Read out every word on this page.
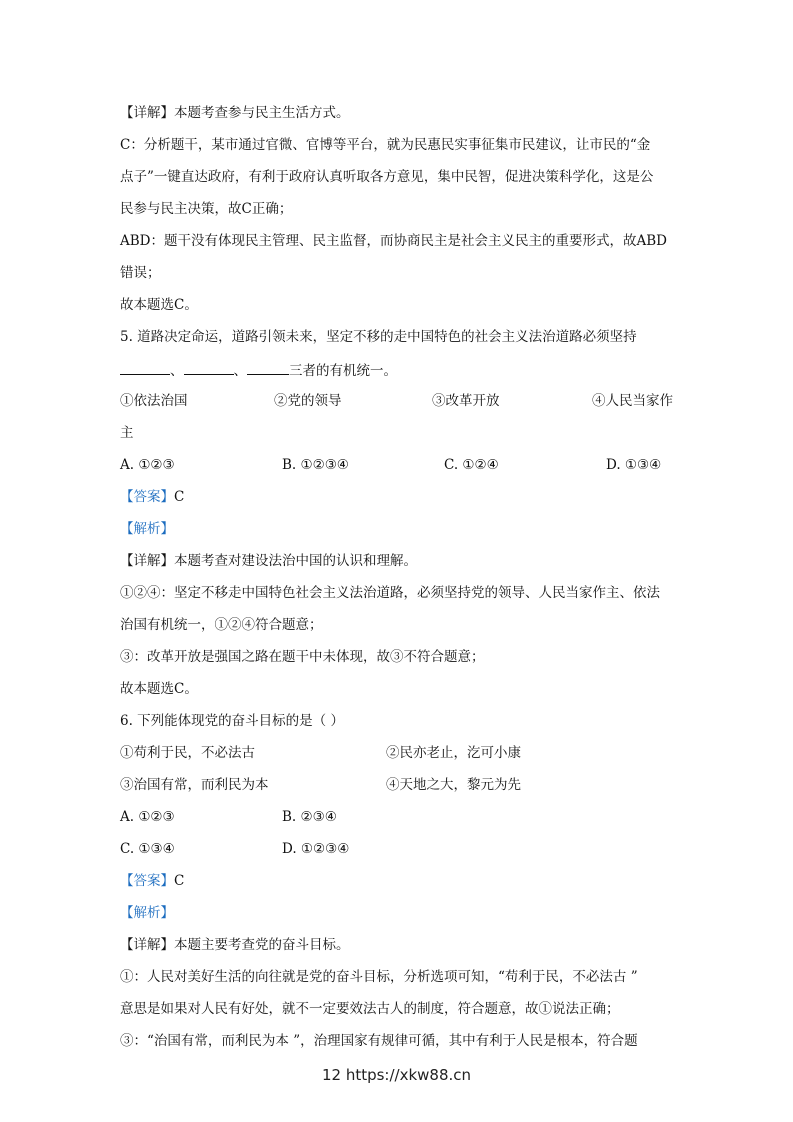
【详解】本题考查参与民主生活方式。
C：分析题干，某市通过官微、官博等平台，就为民惠民实事征集市民建议，让市民的“金
点子”一键直达政府，有利于政府认真听取各方意见，集中民智，促进决策科学化，这是公
民参与民主决策，故C正确；
ABD：题干没有体现民主管理、民主监督，而协商民主是社会主义民主的重要形式，故ABD
错误；
故本题选C。
5. 道路决定命运，道路引领未来，坚定不移的走中国特色的社会主义法治道路必须坚持
、	、	三者的有机统一。
①依法治国	②党的领导	③改革开放	④人民当家作
主
A. ①②③	B. ①②③④	C. ①②④	D. ①③④
【答案】C
【解析】
【详解】本题考查对建设法治中国的认识和理解。
①②④：坚定不移走中国特色社会主义法治道路，必须坚持党的领导、人民当家作主、依法
治国有机统一，①②④符合题意；
③：改革开放是强国之路在题干中未体现，故③不符合题意；
故本题选C。
6. 下列能体现党的奋斗目标的是（ ）
①苟利于民，不必法古	②民亦老止，汔可小康
③治国有常，而利民为本	④天地之大，黎元为先
A. ①②③	B. ②③④
C. ①③④	D. ①②③④
【答案】C
【解析】
【详解】本题主要考查党的奋斗目标。
①：人民对美好生活的向往就是党的奋斗目标，分析选项可知，“苟利于民，不必法古 ”
意思是如果对人民有好处，就不一定要效法古人的制度，符合题意，故①说法正确；
③：“治国有常，而利民为本 ”，治理国家有规律可循，其中有利于人民是根本，符合题
12 https://xkw88.cn
